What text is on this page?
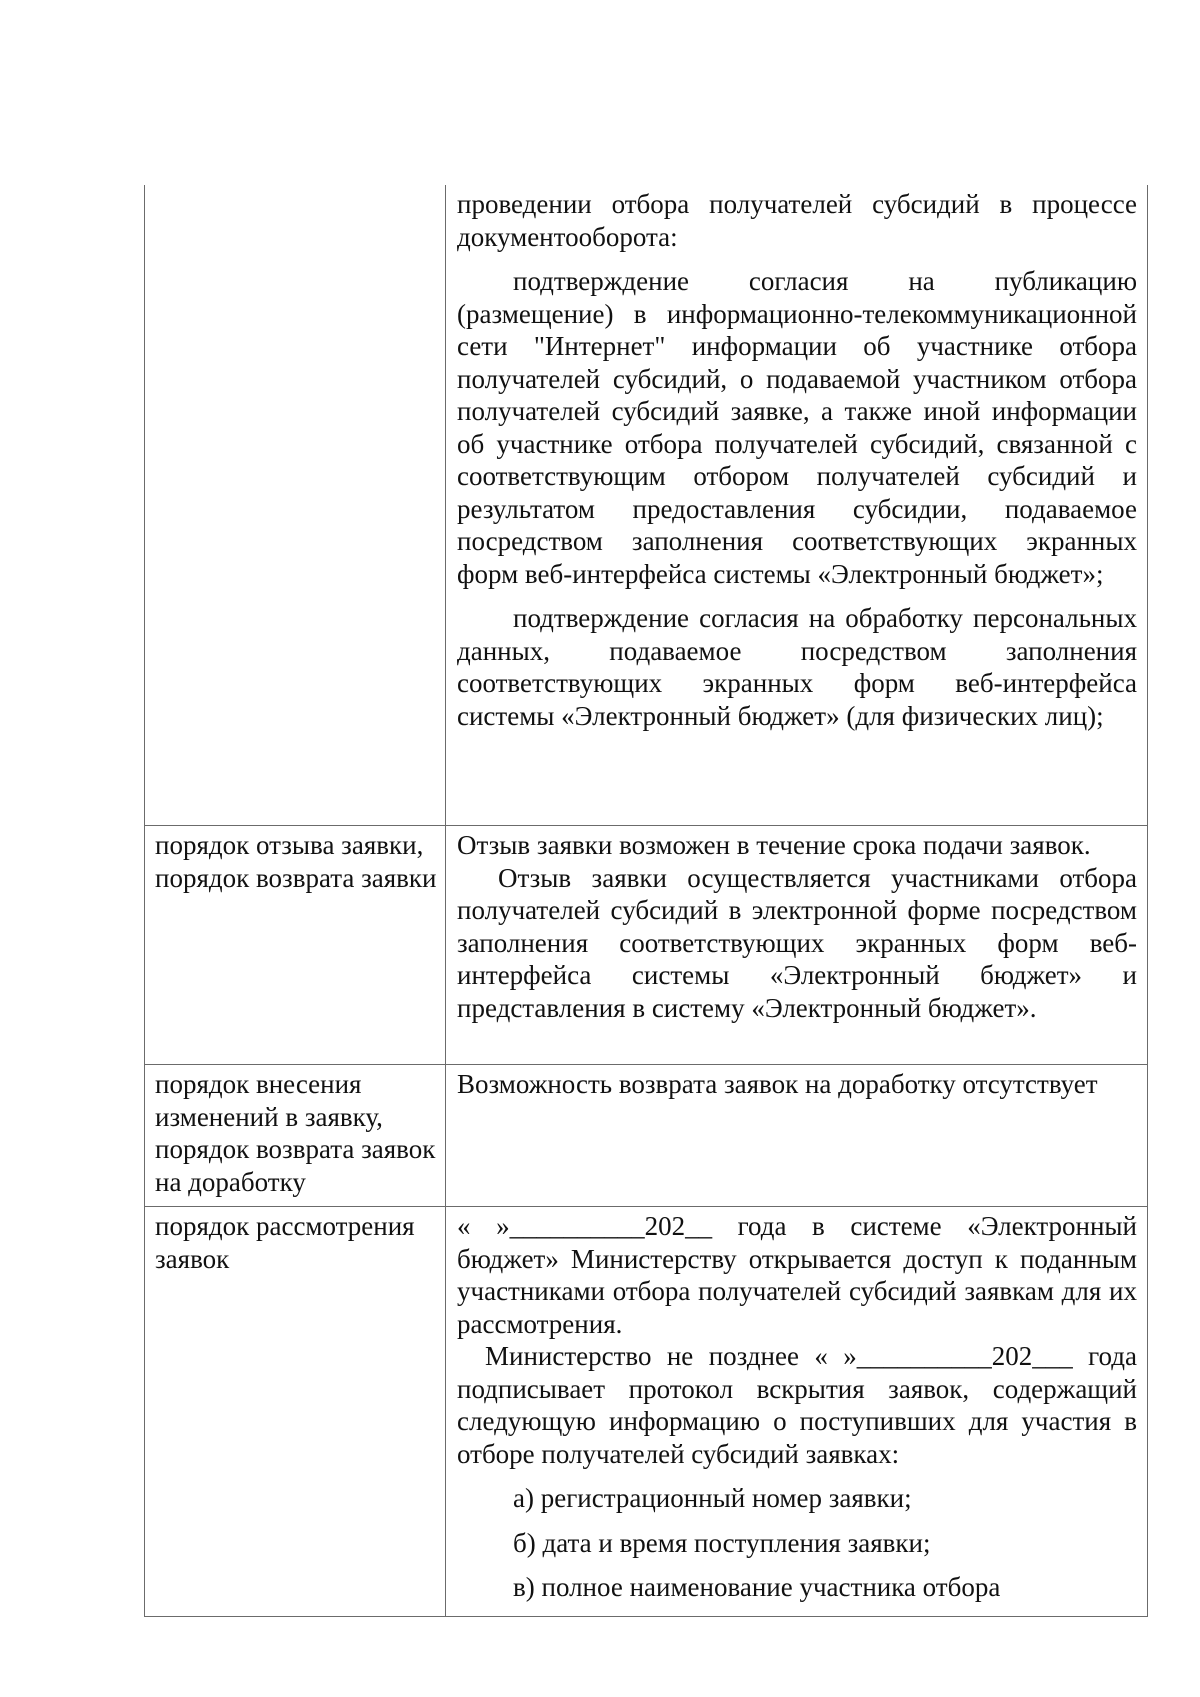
	проведении отбора получателей субсидий в процессе документооборота:

подтверждение согласия на публикацию (размещение) в информационно-телекоммуникационной сети "Интернет" информации об участнике отбора получателей субсидий, о подаваемой участником отбора получателей субсидий заявке, а также иной информации об участнике отбора получателей субсидий, связанной с соответствующим отбором получателей субсидий и результатом предоставления субсидии, подаваемое посредством заполнения соответствующих экранных форм веб-интерфейса системы «Электронный бюджет»;

подтверждение согласия на обработку персональных данных, подаваемое посредством заполнения соответствующих экранных форм веб-интерфейса системы «Электронный бюджет» (для физических лиц);

порядок отзыва заявки, порядок возврата заявки	Отзыв заявки возможен в течение срока подачи заявок.

Отзыв заявки осуществляется участниками отбора получателей субсидий в электронной форме посредством заполнения соответствующих экранных форм веб-интерфейса системы «Электронный бюджет» и представления в систему «Электронный бюджет».

порядок внесения изменений в заявку, порядок возврата заявок на доработку	Возможность возврата заявок на доработку отсутствует

порядок рассмотрения заявок	« »__________202__ года в системе «Электронный бюджет» Министерству открывается доступ к поданным участниками отбора получателей субсидий заявкам для их рассмотрения.

Министерство не позднее « »__________202___ года подписывает протокол вскрытия заявок, содержащий следующую информацию о поступивших для участия в отборе получателей субсидий заявках:

а) регистрационный номер заявки;

б) дата и время поступления заявки;

в) полное наименование участника отбора
